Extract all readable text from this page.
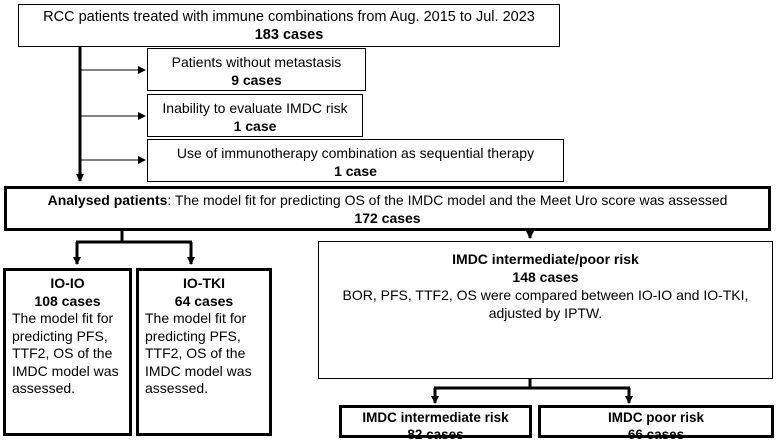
RCC patients treated with immune combinations from Aug. 2015 to Jul. 2023
183 cases
Patients without metastasis
9 cases
Inability to evaluate IMDC risk
1 case
Use of immunotherapy combination as sequential therapy
1 case
Analysed patients: The model fit for predicting OS of the IMDC model and the Meet Uro score was assessed
172 cases
IO-IO
108 cases
The model fit for predicting PFS, TTF2, OS of the IMDC model was assessed.
IO-TKI
64 cases
The model fit for predicting PFS, TTF2, OS of the IMDC model was assessed.
IMDC intermediate/poor risk
148 cases
BOR, PFS, TTF2, OS were compared between IO-IO and IO-TKI, adjusted by IPTW.
IMDC intermediate risk
82 cases
IMDC poor risk
66 cases
